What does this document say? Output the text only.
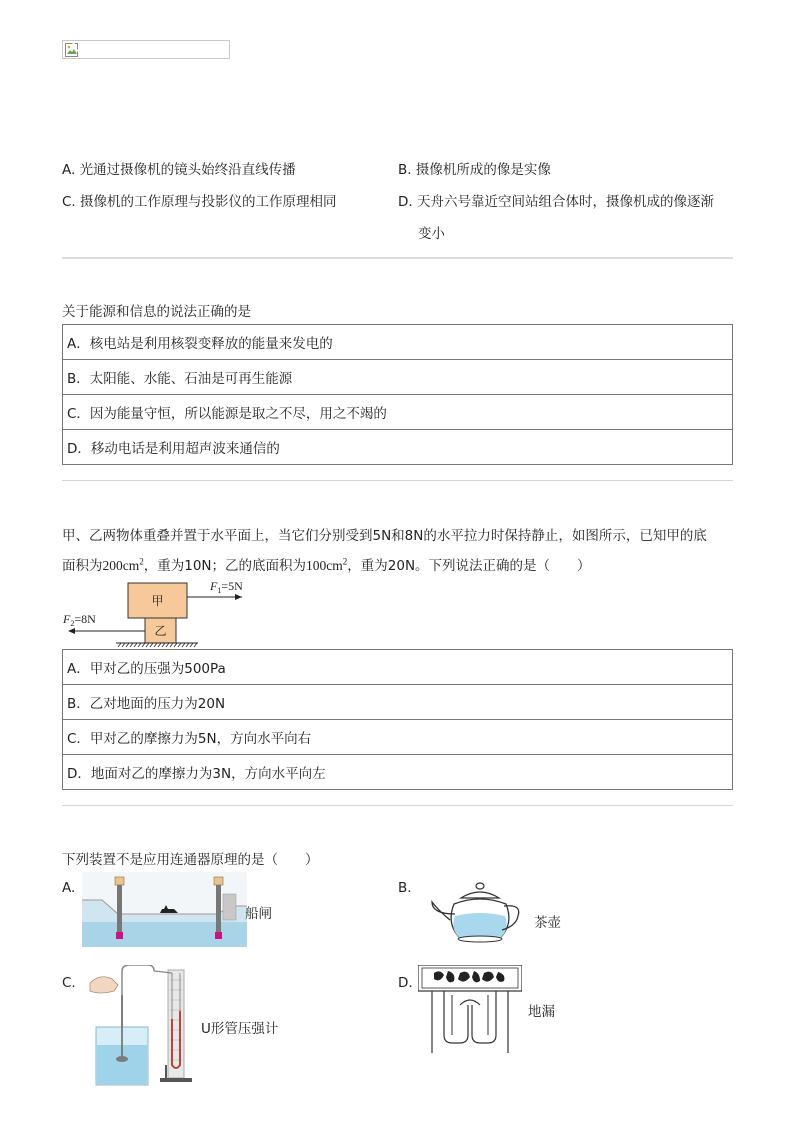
A. 光通过摄像机的镜头始终沿直线传播	B. 摄像机所成的像是实像
C. 摄像机的工作原理与投影仪的工作原理相同	D. 天舟六号靠近空间站组合体时，摄像机成的像逐渐
变小
关于能源和信息的说法正确的是
A．核电站是利用核裂变释放的能量来发电的
B．太阳能、水能、石油是可再生能源
C．因为能量守恒，所以能源是取之不尽，用之不竭的
D．移动电话是利用超声波来通信的
甲、乙两物体重叠并置于水平面上，当它们分别受到5N和8N的水平拉力时保持静止，如图所示，已知甲的底
面积为$200cm^2$，重为10N；乙的底面积为$100cm^2$，重为20N。下列说法正确的是（　　）
甲
乙
$F_1=5N$
$F_2=8N$
A．甲对乙的压强为500Pa
B．乙对地面的压力为20N
C．甲对乙的摩擦力为5N，方向水平向右
D．地面对乙的摩擦力为3N，方向水平向左
下列装置不是应用连通器原理的是（　　）
A.
船闸
B.
茶壶
C.
U形管压强计
D.
地漏
